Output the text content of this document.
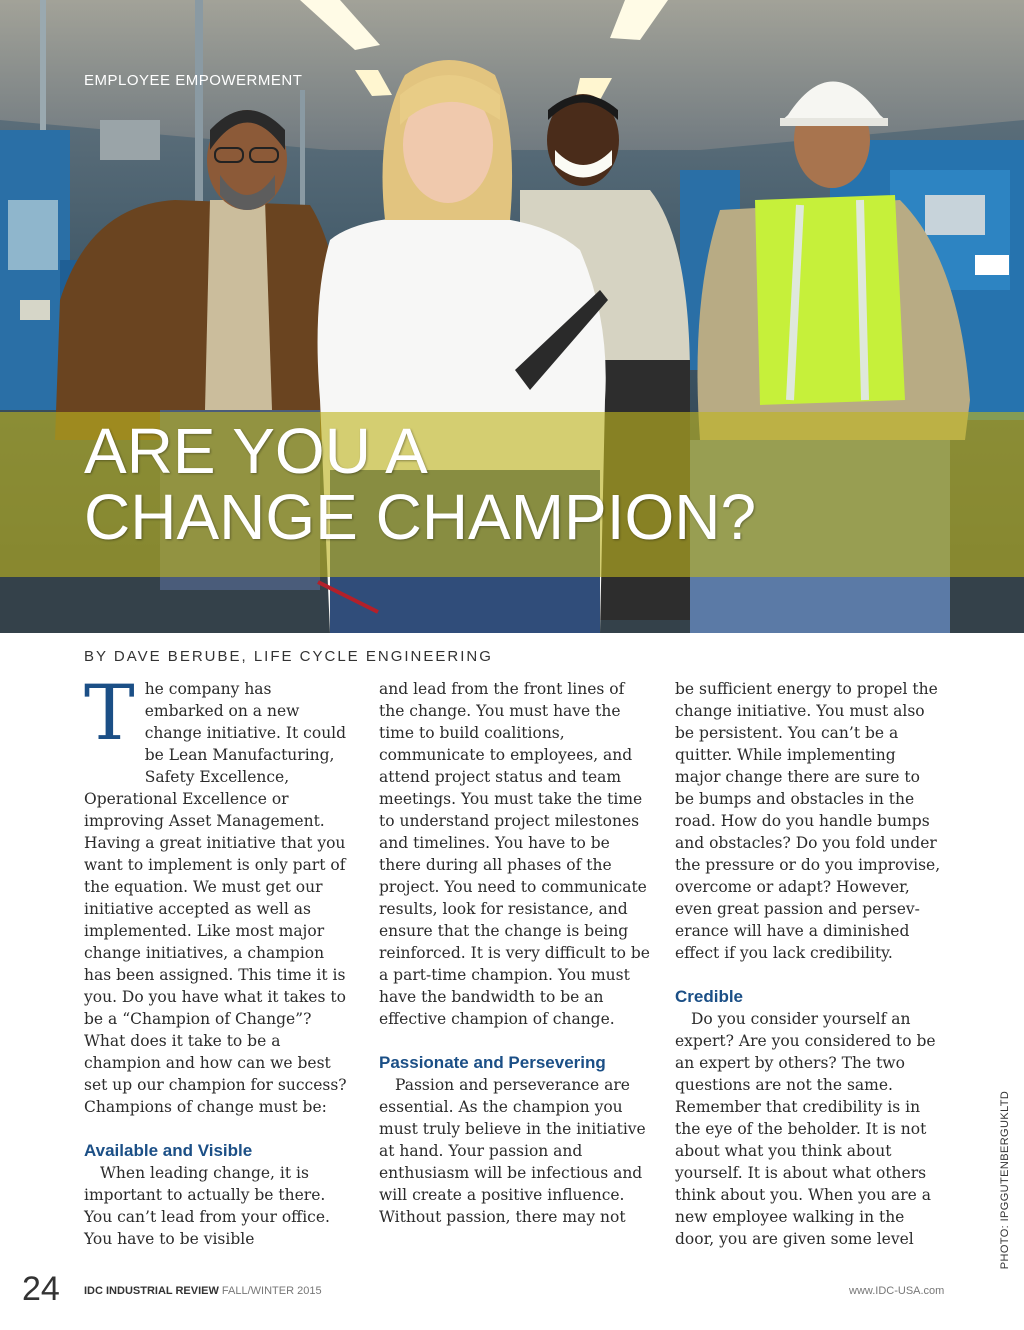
EMPLOYEE EMPOWERMENT
ARE YOU A
CHANGE CHAMPION?
BY DAVE BERUBE, LIFE CYCLE ENGINEERING
T he company has
embarked on a new
change initiative. It could
be Lean Manufacturing,

Safety Excellence, Operational Excellence or improving Asset Management. Having a great initiative that you want to implement is only part of the equation. We must get our initiative accepted as well as implemented. Like most major change initiatives, a champion has been assigned. This time it is you. Do you have what it takes to be a “Champion of Change”? What does it take to be a champion and how can we best set up our champion for success? Champions of change must be:

Available and Visible

When leading change, it is important to actually be there. You can’t lead from your office. You have to be visible

and lead from the front lines of the change. You must have the time to build coalitions, communicate to employees, and attend project status and team meetings. You must take the time to understand project milestones and timelines. You have to be there during all phases of the project. You need to communicate results, look for resistance, and ensure that the change is being reinforced. It is very difficult to be a part-time champion. You must have the bandwidth to be an effective champion of change.

Passionate and Persevering

Passion and perseverance are essential. As the champion you must truly believe in the initiative at hand. Your passion and enthusiasm will be infectious and will create a positive influence. Without passion, there may not

be sufficient energy to propel the change initiative. You must also be persistent. You can’t be a quitter. While implementing major change there are sure to be bumps and obstacles in the road. How do you handle bumps and obstacles? Do you fold under the pressure or do you improvise, overcome or adapt? However, even great passion and persev-erance will have a diminished effect if you lack credibility.

Credible

Do you consider yourself an expert? Are you considered to be an expert by others? The two questions are not the same. Remember that credibility is in the eye of the beholder. It is not about what you think about yourself. It is about what others think about you. When you are a new employee walking in the door, you are given some level	PHOTO: IPGGUTENBERGUKLTD
24 IDC INDUSTRIAL REVIEW FALL/WINTER 2015	www.IDC-USA.com
